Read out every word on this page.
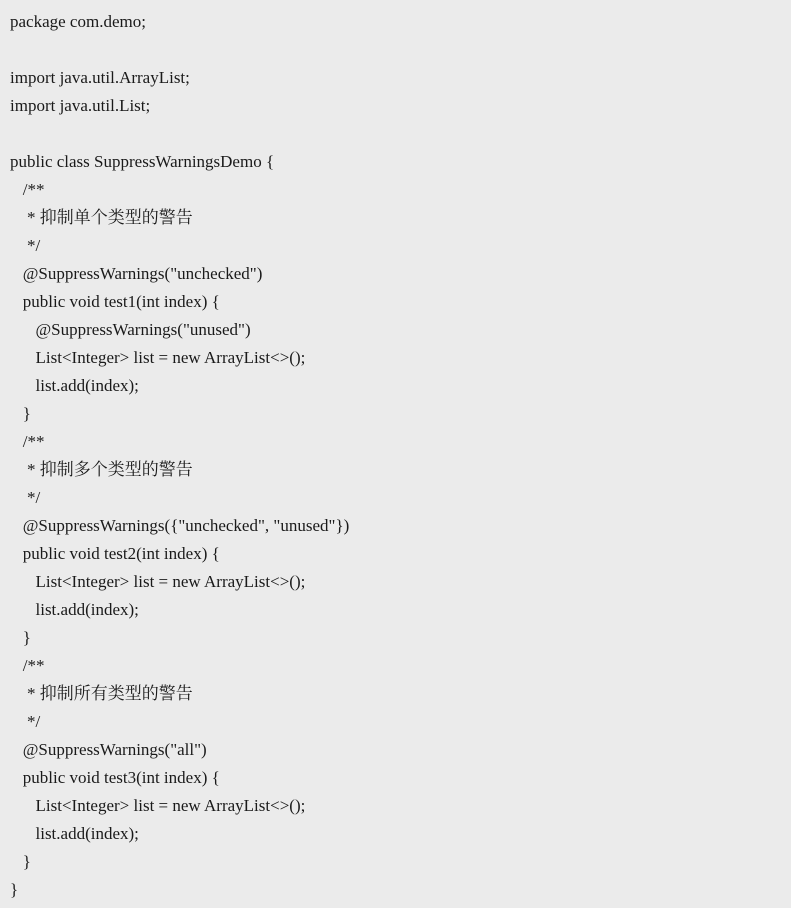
package com.demo;
import java.util.ArrayList;
import java.util.List;
public class SuppressWarningsDemo {
/**
* 抑制单个类型的警告
*/
@SuppressWarnings("unchecked")
public void test1(int index) {
@SuppressWarnings("unused")
List<Integer> list = new ArrayList<>();
list.add(index);
}
/**
* 抑制多个类型的警告
*/
@SuppressWarnings({"unchecked", "unused"})
public void test2(int index) {
List<Integer> list = new ArrayList<>();
list.add(index);
}
/**
* 抑制所有类型的警告
*/
@SuppressWarnings("all")
public void test3(int index) {
List<Integer> list = new ArrayList<>();
list.add(index);
}
}
